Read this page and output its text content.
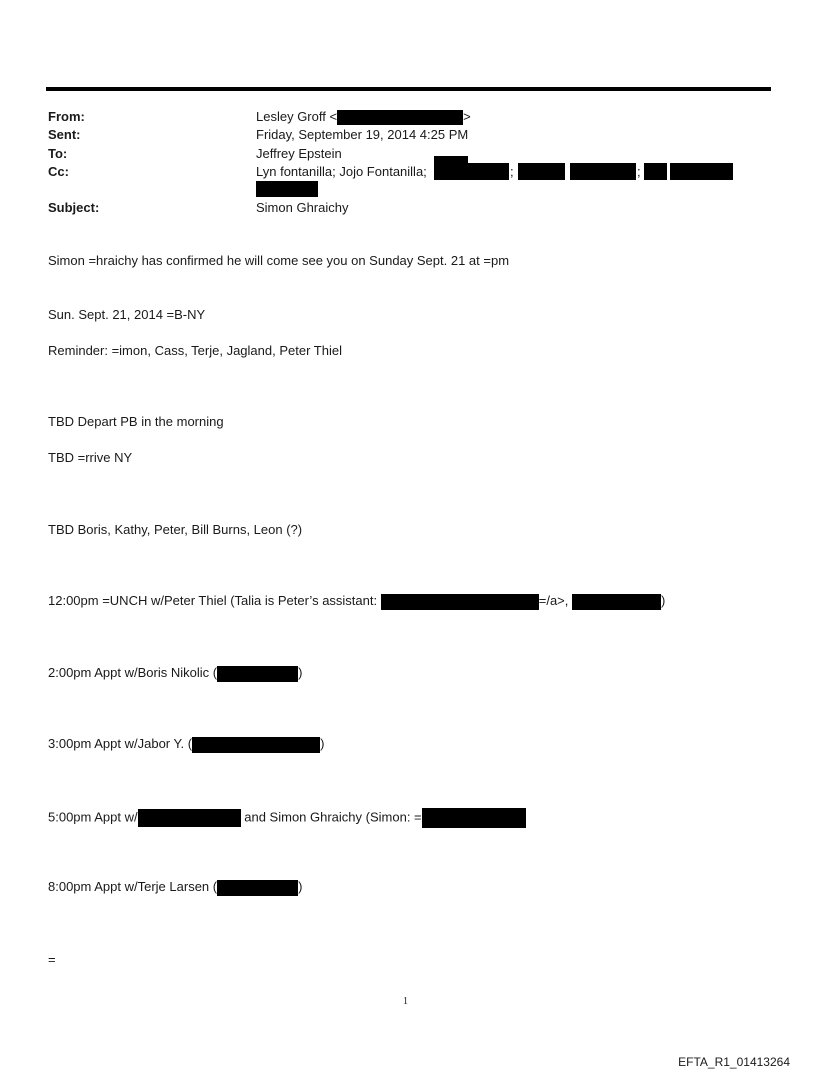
From:	Lesley Groff <	>
Sent:	Friday, September 19, 2014 4:25 PM
To:	Jeffrey Epstein
Cc:	Lyn fontanilla; Jojo Fontanilla;	;	;
Subject:	Simon Ghraichy
Simon =hraichy has confirmed he will come see you on Sunday Sept. 21 at =pm
Sun. Sept. 21, 2014 =B-NY
Reminder: =imon, Cass, Terje, Jagland, Peter Thiel
TBD Depart PB in the morning
TBD =rrive NY
TBD Boris, Kathy, Peter, Bill Burns, Leon (?)
12:00pm =UNCH w/Peter Thiel (Talia is Peter’s assistant:	=/a>,	)
2:00pm Appt w/Boris Nikolic (	)
3:00pm Appt w/Jabor Y. (	)
5:00pm Appt w/	and Simon Ghraichy (Simon: =
8:00pm Appt w/Terje Larsen (	)
=
1
EFTA_R1_01413264
